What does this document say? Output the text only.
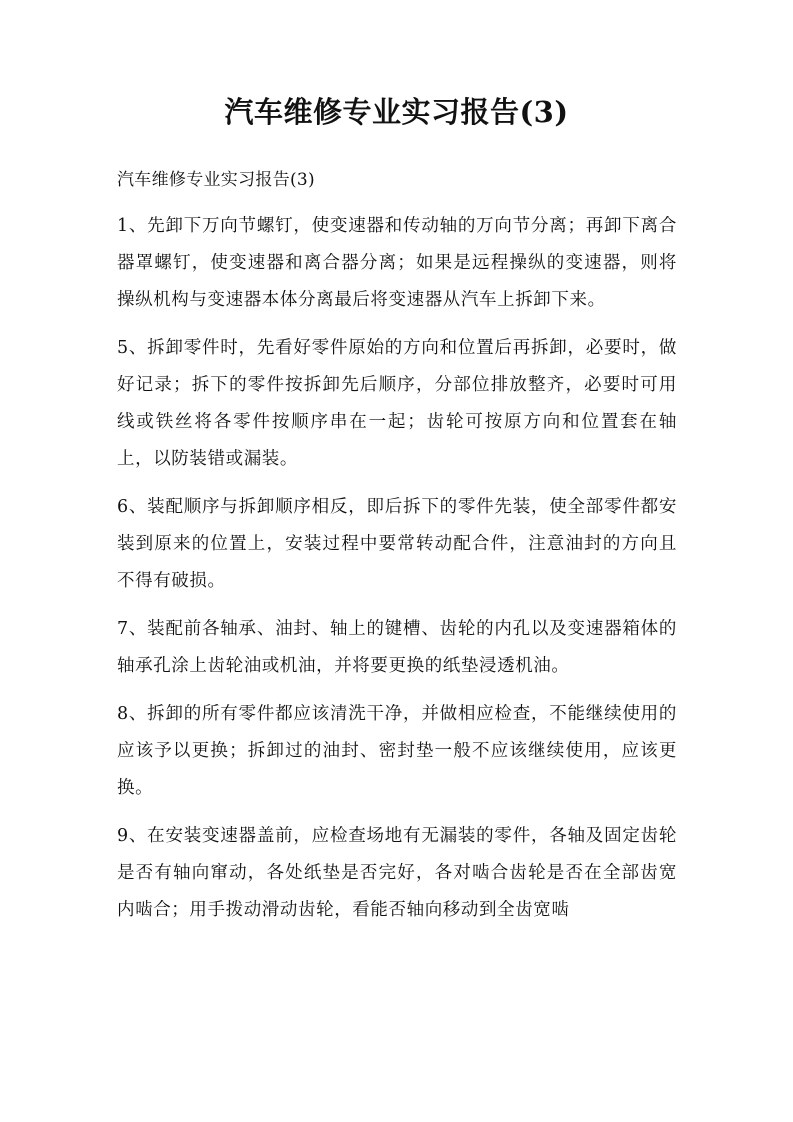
汽车维修专业实习报告(3)

汽车维修专业实习报告(3)

1、先卸下万向节螺钉，使变速器和传动轴的万向节分离；再卸下离合器罩螺钉，使变速器和离合器分离；如果是远程操纵的变速器，则将操纵机构与变速器本体分离最后将变速器从汽车上拆卸下来。

5、拆卸零件时，先看好零件原始的方向和位置后再拆卸，必要时，做好记录；拆下的零件按拆卸先后顺序，分部位排放整齐，必要时可用线或铁丝将各零件按顺序串在一起；齿轮可按原方向和位置套在轴上，以防装错或漏装。

6、装配顺序与拆卸顺序相反，即后拆下的零件先装，使全部零件都安装到原来的位置上，安装过程中要常转动配合件，注意油封的方向且不得有破损。

7、装配前各轴承、油封、轴上的键槽、齿轮的内孔以及变速器箱体的轴承孔涂上齿轮油或机油，并将要更换的纸垫浸透机油。

8、拆卸的所有零件都应该清洗干净，并做相应检查，不能继续使用的应该予以更换；拆卸过的油封、密封垫一般不应该继续使用，应该更换。

9、在安装变速器盖前，应检查场地有无漏装的零件，各轴及固定齿轮是否有轴向窜动，各处纸垫是否完好，各对啮合齿轮是否在全部齿宽内啮合；用手拨动滑动齿轮，看能否轴向移动到全齿宽啮
